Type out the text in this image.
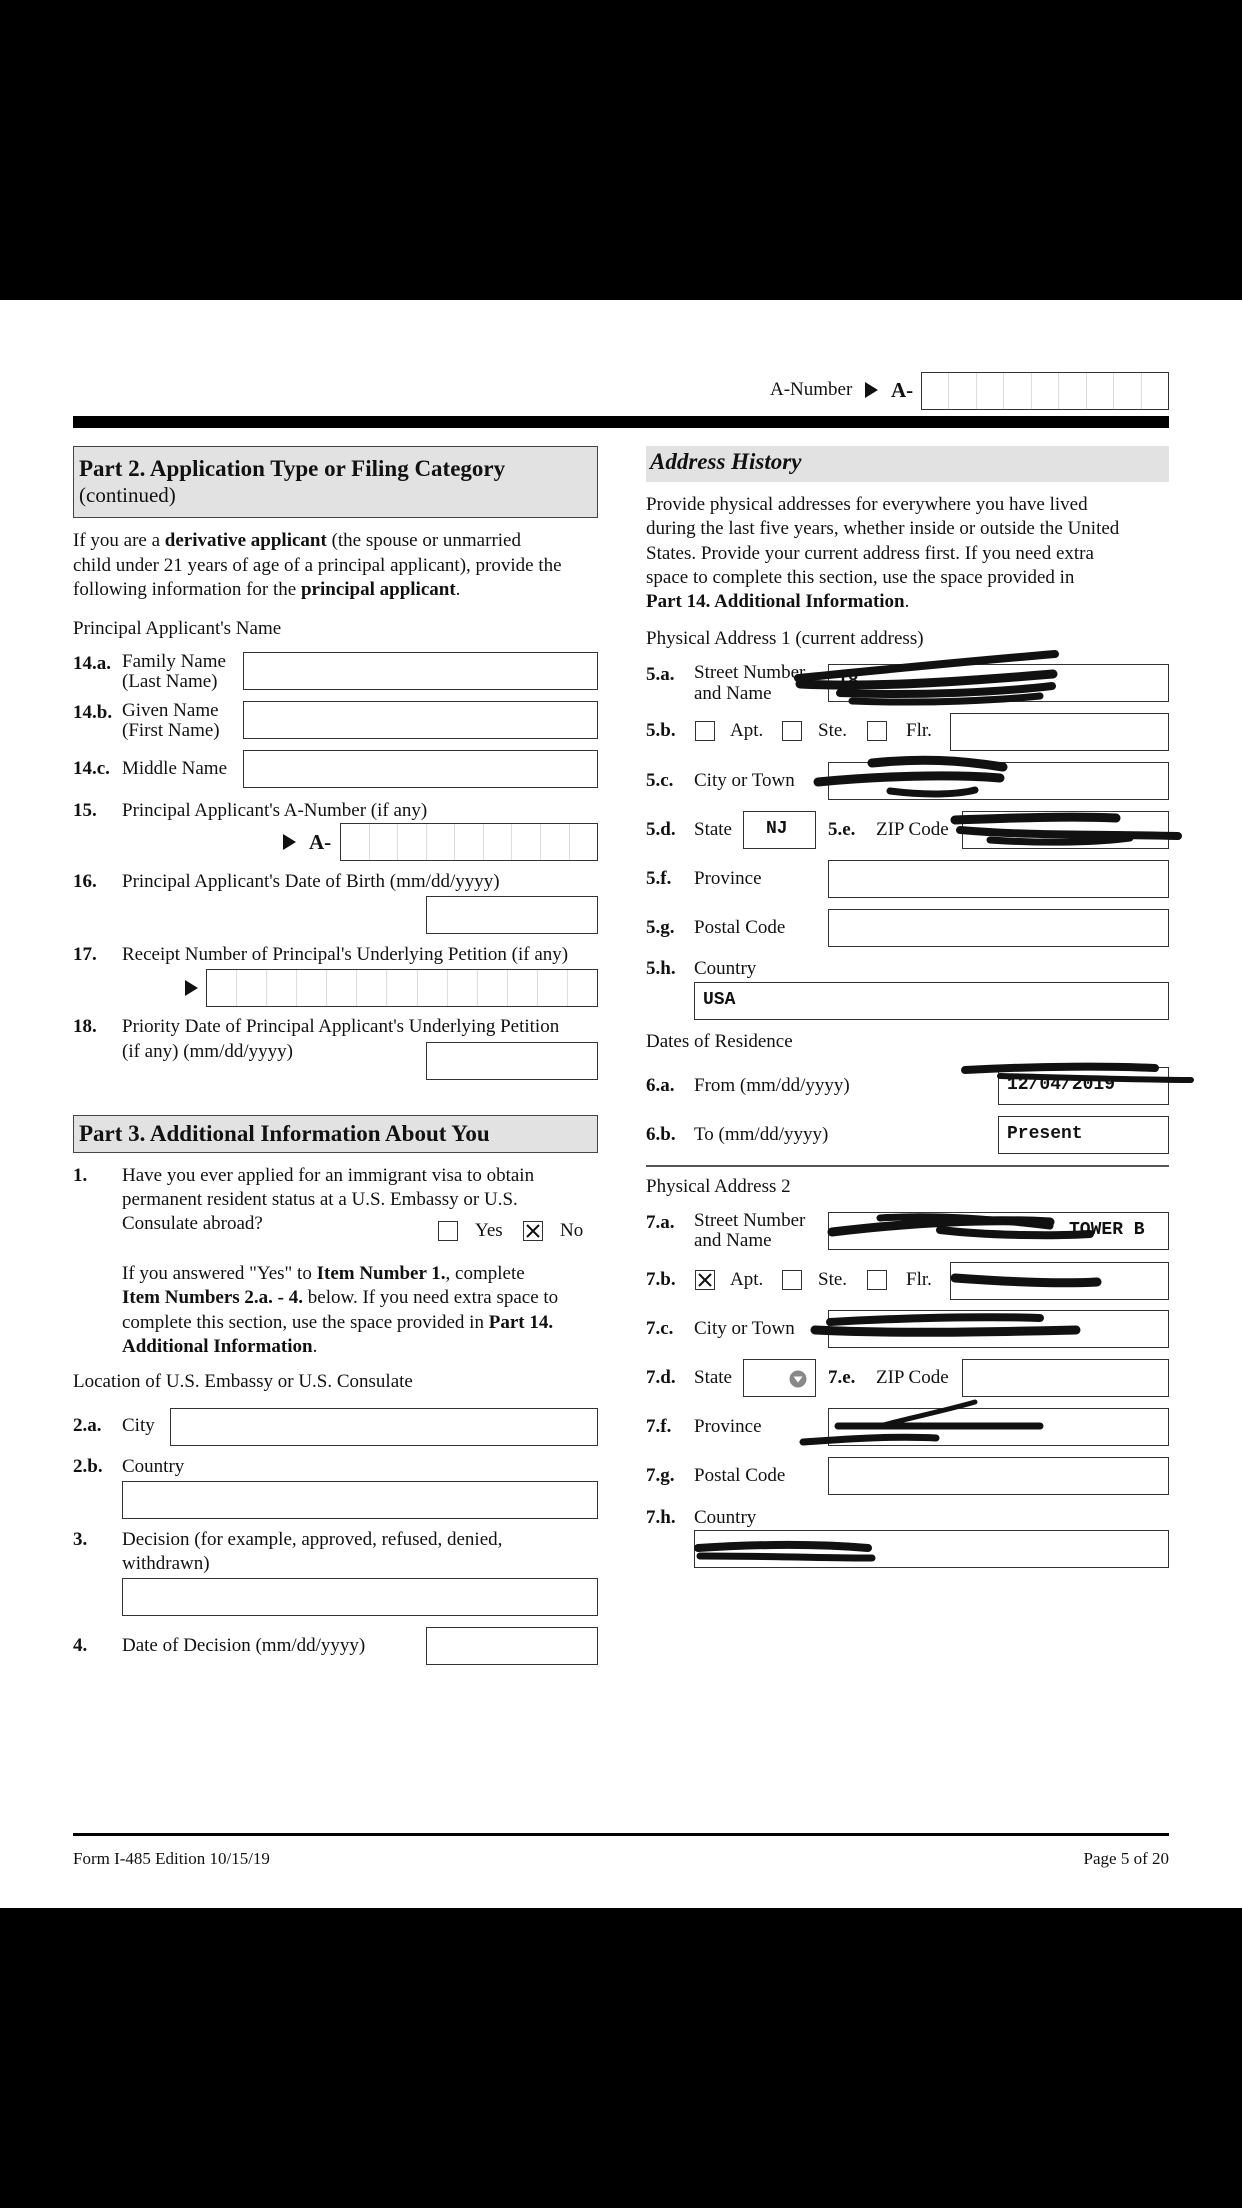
A-Number A-
Part 2. Application Type or Filing Category
(continued)
If you are a derivative applicant (the spouse or unmarried
child under 21 years of age of a principal applicant), provide the
following information for the principal applicant.
Principal Applicant's Name
14.a. Family Name
(Last Name)
14.b. Given Name
(First Name)
14.c. Middle Name
15. Principal Applicant's A-Number (if any)
A-
16. Principal Applicant's Date of Birth (mm/dd/yyyy)
17. Receipt Number of Principal's Underlying Petition (if any)
18. Priority Date of Principal Applicant's Underlying Petition
(if any) (mm/dd/yyyy)
Part 3. Additional Information About You
1. Have you ever applied for an immigrant visa to obtain
permanent resident status at a U.S. Embassy or U.S.
Consulate abroad?	Yes	No
If you answered "Yes" to Item Number 1., complete
Item Numbers 2.a. - 4. below. If you need extra space to
complete this section, use the space provided in Part 14.
Additional Information.
Location of U.S. Embassy or U.S. Consulate
2.a. City
2.b. Country
3. Decision (for example, approved, refused, denied,
withdrawn)
4. Date of Decision (mm/dd/yyyy)
Address History
Provide physical addresses for everywhere you have lived
during the last five years, whether inside or outside the United
States. Provide your current address first. If you need extra
space to complete this section, use the space provided in
Part 14. Additional Information.
Physical Address 1 (current address)
5.a. Street Number
and Name
18
5.b.	Apt.	Ste.	Flr.
5.c. City or Town
5.d. State NJ 5.e. ZIP Code
5.f. Province
5.g. Postal Code
5.h. Country
USA
Dates of Residence
6.a. From (mm/dd/yyyy)	12/04/2019
6.b. To (mm/dd/yyyy)	Present
Physical Address 2
7.a. Street Number
and Name	TOWER B
7.b.	Apt.	Ste.	Flr.
7.c. City or Town
7.d. State	7.e. ZIP Code
7.f. Province
7.g. Postal Code
7.h. Country
Form I-485 Edition 10/15/19	Page 5 of 20
